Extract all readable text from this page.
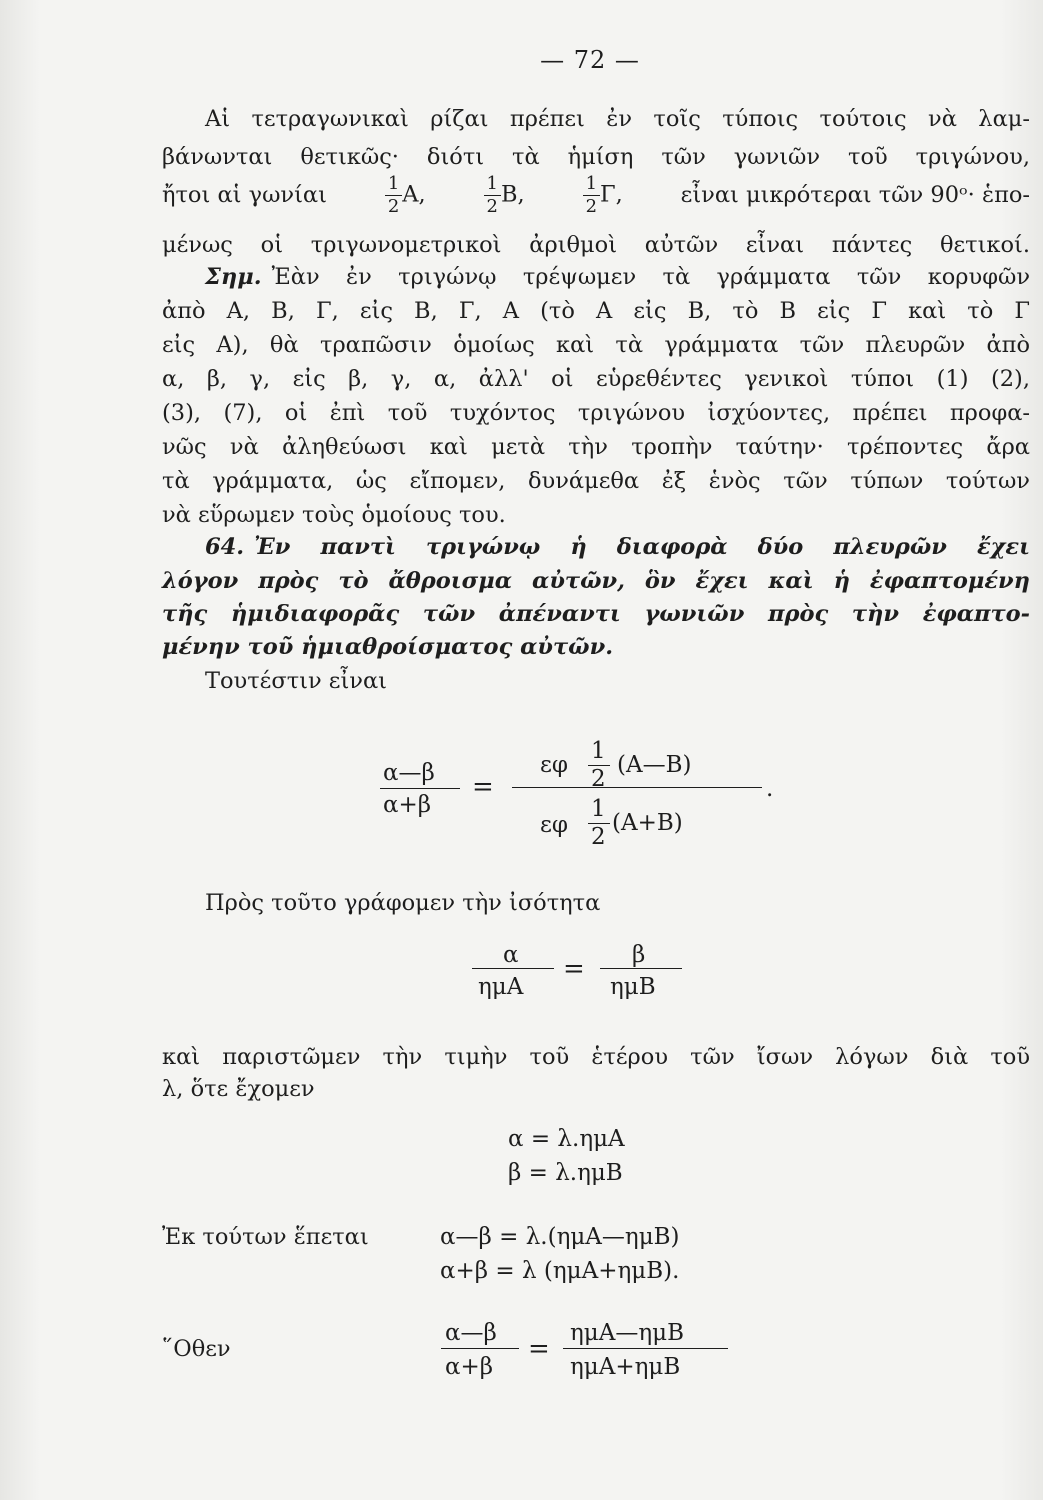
— 72 —
Αἱ τετραγωνικαὶ ρίζαι πρέπει ἐν τοῖς τύποις τούτοις νὰ λαμ-
βάνωνται θετικῶς· διότι τὰ ἡμίση τῶν γωνιῶν τοῦ τριγώνου,
ἤτοι αἱ γωνίαι	$\frac{1}{2} A$,	$\frac{1}{2} B$,	$\frac{1}{2} \Gamma$,	εἶναι μικρότεραι τῶν 90ᵒ· ἑπο-
μένως οἱ τριγωνομετρικοὶ ἀριθμοὶ αὐτῶν εἶναι πάντες θετικοί.
Σημ. Ἐὰν ἐν τριγώνῳ τρέψωμεν τὰ γράμματα τῶν κορυφῶν
ἀπὸ Α, Β, Γ, εἰς Β, Γ, Α (τὸ Α εἰς Β, τὸ Β εἰς Γ καὶ τὸ Γ
εἰς Α), θὰ τραπῶσιν ὁμοίως καὶ τὰ γράμματα τῶν πλευρῶν ἀπὸ
α, β, γ, εἰς β, γ, α, ἀλλ' οἱ εὑρεθέντες γενικοὶ τύποι (1) (2),
(3), (7), οἱ ἐπὶ τοῦ τυχόντος τριγώνου ἰσχύοντες, πρέπει προφα-
νῶς νὰ ἀληθεύωσι καὶ μετὰ τὴν τροπὴν ταύτην· τρέποντες ἄρα
τὰ γράμματα, ὡς εἴπομεν, δυνάμεθα ἐξ ἑνὸς τῶν τύπων τούτων
νὰ εὕρωμεν τοὺς ὁμοίους του.
64. Ἐν παντὶ τριγώνῳ ἡ διαφορὰ δύο πλευρῶν ἔχει
λόγον πρὸς τὸ ἄθροισμα αὐτῶν, ὃν ἔχει καὶ ἡ ἐφαπτομένη
τῆς ἡμιδιαφορᾶς τῶν ἀπέναντι γωνιῶν πρὸς τὴν ἐφαπτο-
μένην τοῦ ἡμιαθροίσματος αὐτῶν.
Τουτέστιν εἶναι
α—β
α+β
=
εφ
1
2
(Α—Β)
.
εφ
1
2
(Α+Β)
Πρὸς τοῦτο γράφομεν τὴν ἰσότητα
α
ημΑ
= β
ημΒ
καὶ παριστῶμεν τὴν τιμὴν τοῦ ἑτέρου τῶν ἴσων λόγων διὰ τοῦ
λ, ὅτε ἔχομεν
α = λ.ημΑ
β = λ.ημΒ
Ἐκ τούτων ἕπεται	α—β = λ.(ημΑ—ημΒ)
α+β = λ (ημΑ+ημΒ).
῞Οθεν
α—β
α+β
=
ημΑ—ημΒ
ημΑ+ημΒ
